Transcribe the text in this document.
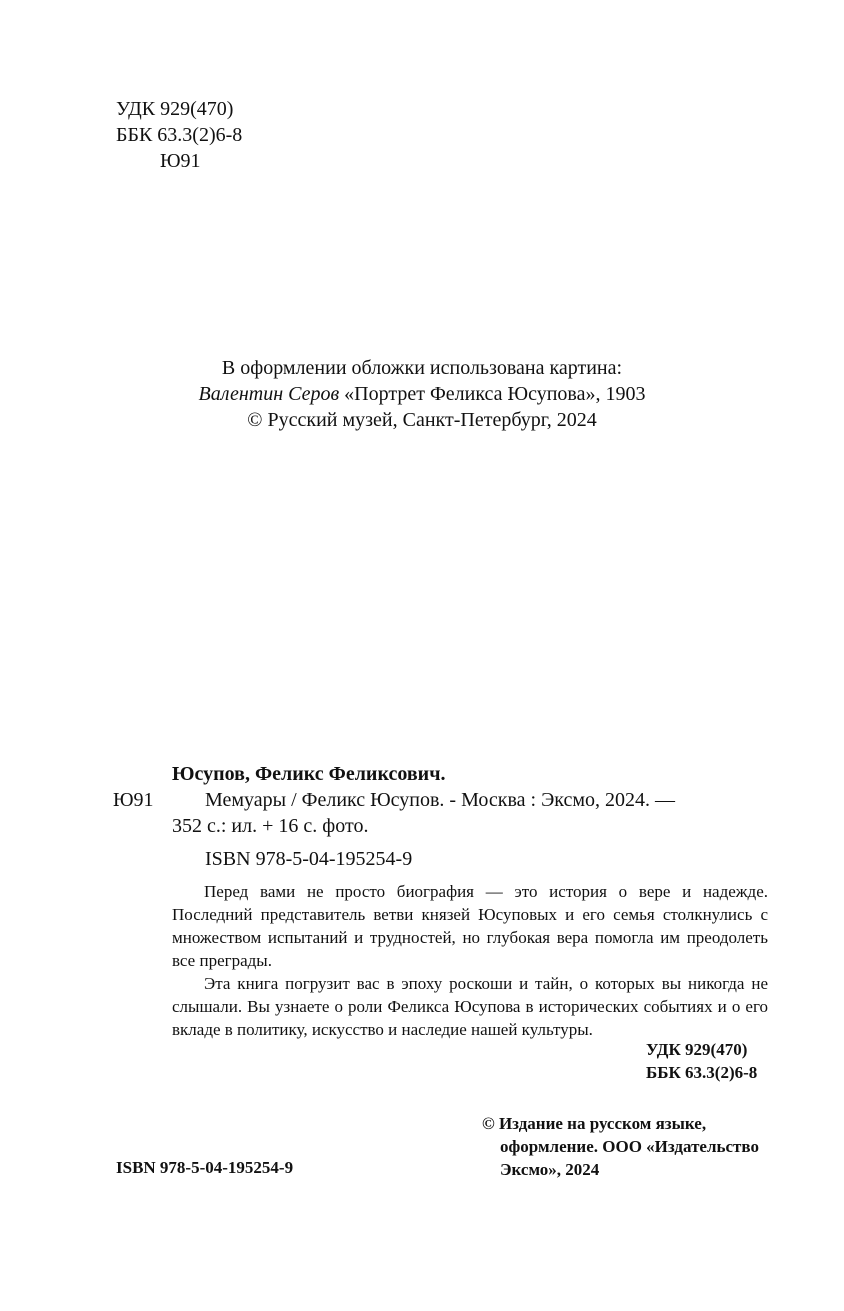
УДК 929(470)
ББК 63.3(2)6-8
Ю91
В оформлении обложки использована картина:
Валентин Серов «Портрет Феликса Юсупова», 1903
© Русский музей, Санкт-Петербург, 2024
Юсупов, Феликс Феликсович.
Ю91	Мемуары / Феликс Юсупов. - Москва : Эксмо, 2024. —
352 с.: ил. + 16 с. фото.
ISBN 978-5-04-195254-9
Перед вами не просто биография — это история о вере и надежде. Последний представитель ветви князей Юсуповых и его семья столкнулись с множеством испытаний и трудностей, но глубокая вера помогла им преодолеть все преграды.
Эта книга погрузит вас в эпоху роскоши и тайн, о которых вы никогда не слышали. Вы узнаете о роли Феликса Юсупова в исторических событиях и о его вкладе в политику, искусство и наследие нашей культуры.
УДК 929(470)
ББК 63.3(2)6-8
ISBN 978-5-04-195254-9
© Издание на русском языке, оформление. ООО «Издательство Эксмо», 2024
